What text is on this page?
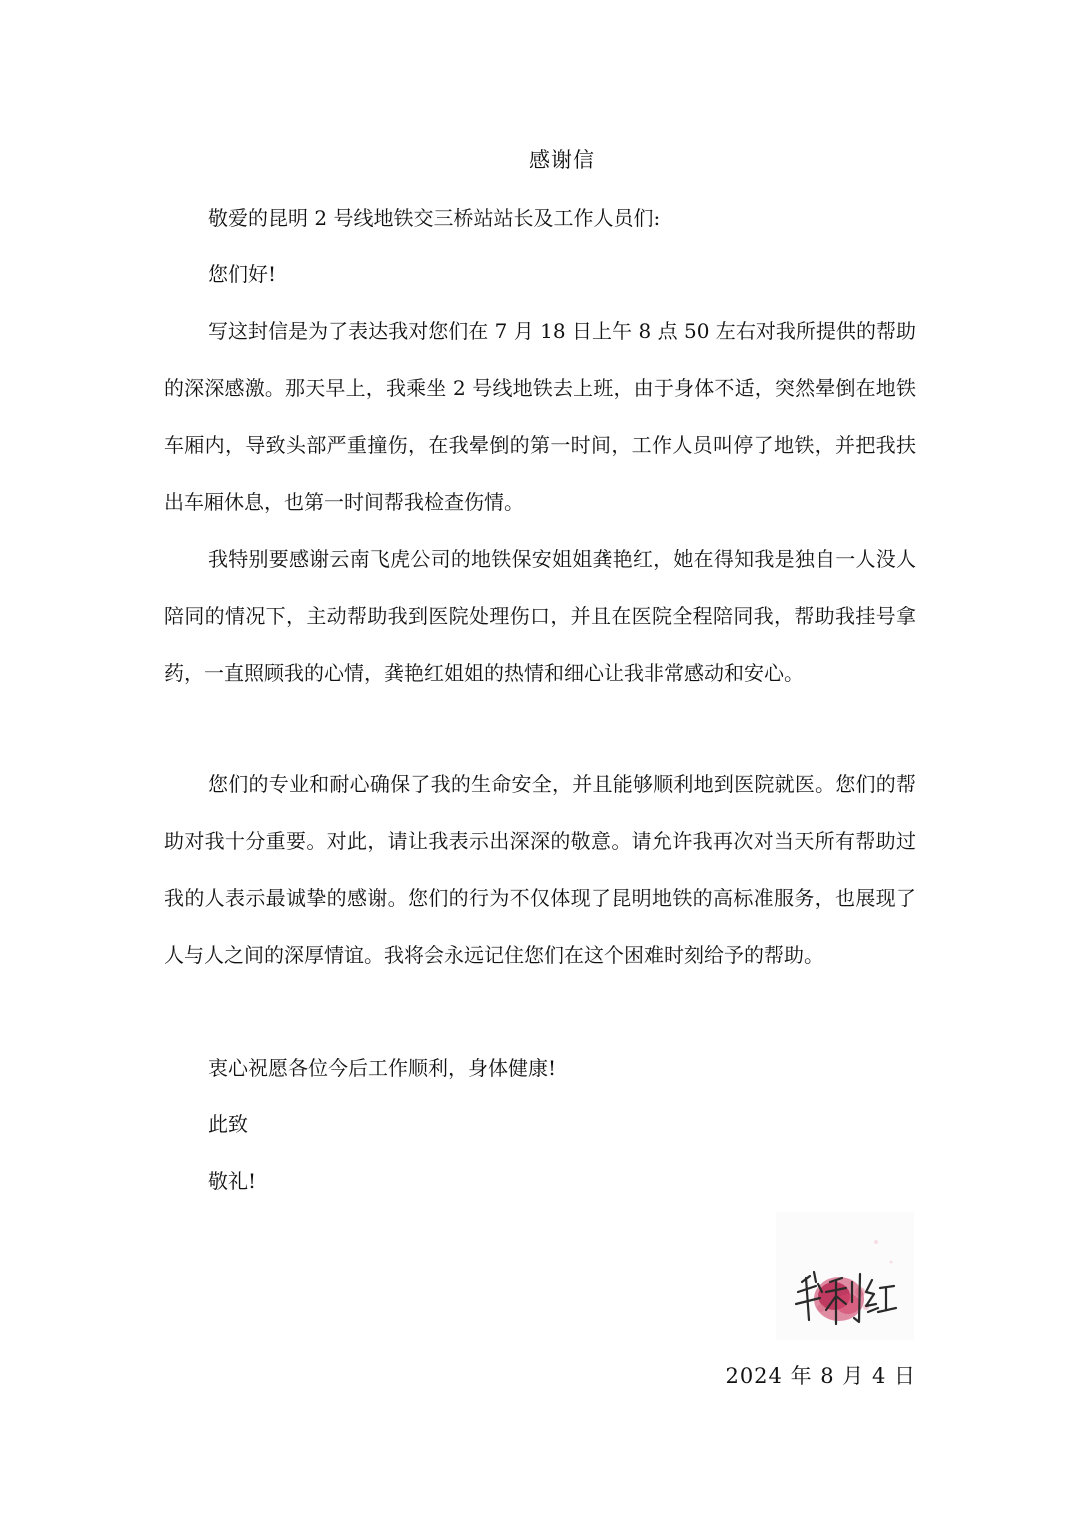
感谢信
敬爱的昆明 2 号线地铁交三桥站站长及工作人员们:
您们好!
写这封信是为了表达我对您们在 7 月 18 日上午 8 点 50 左右对我所提供的帮助的深深感激。那天早上，我乘坐 2 号线地铁去上班，由于身体不适，突然晕倒在地铁车厢内，导致头部严重撞伤，在我晕倒的第一时间，工作人员叫停了地铁，并把我扶出车厢休息，也第一时间帮我检查伤情。
我特别要感谢云南飞虎公司的地铁保安姐姐龚艳红，她在得知我是独自一人没人陪同的情况下，主动帮助我到医院处理伤口，并且在医院全程陪同我，帮助我挂号拿药，一直照顾我的心情，龚艳红姐姐的热情和细心让我非常感动和安心。
您们的专业和耐心确保了我的生命安全，并且能够顺利地到医院就医。您们的帮助对我十分重要。对此，请让我表示出深深的敬意。请允许我再次对当天所有帮助过我的人表示最诚挚的感谢。您们的行为不仅体现了昆明地铁的高标准服务，也展现了人与人之间的深厚情谊。我将会永远记住您们在这个困难时刻给予的帮助。
衷心祝愿各位今后工作顺利，身体健康!
此致
敬礼!
2024 年 8 月 4 日
